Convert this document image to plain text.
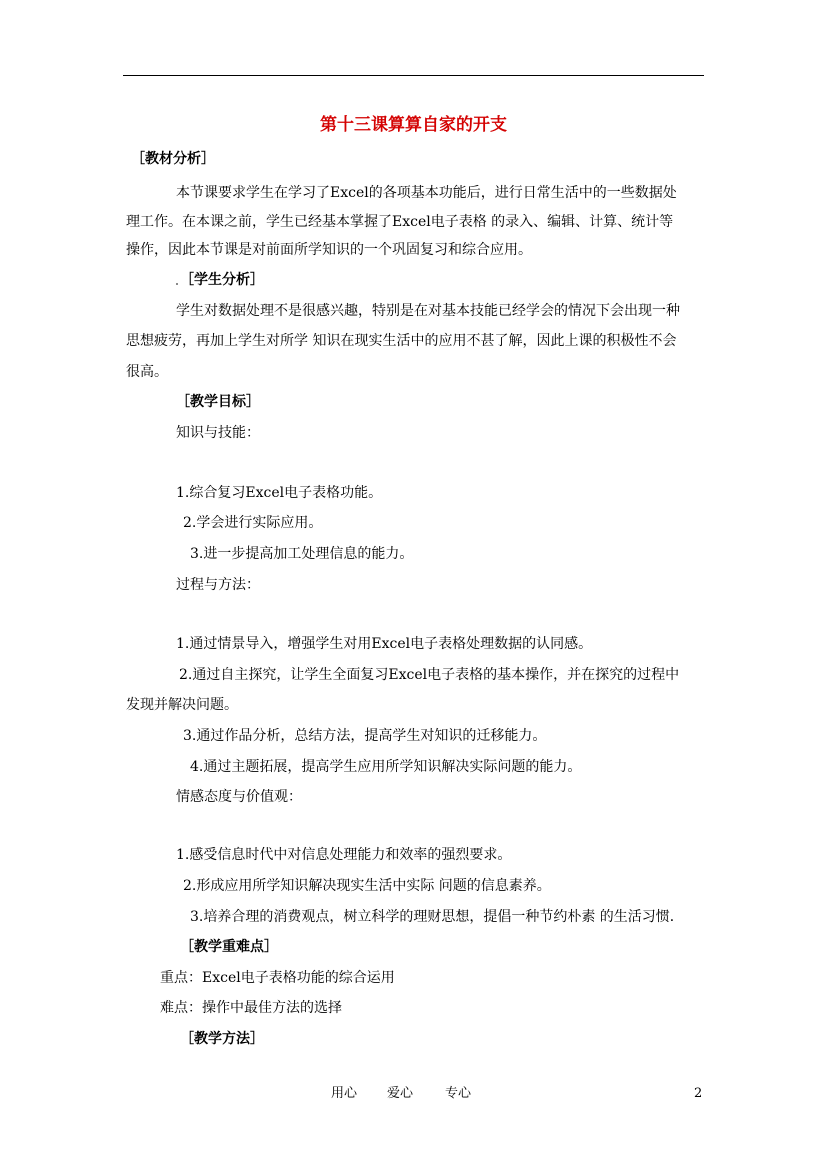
第十三课算算自家的开支
［教材分析］
本节课要求学生在学习了Excel的各项基本功能后，进行日常生活中的一些数据处
理工作。在本课之前，学生已经基本掌握了Excel电子表格 的录入、编辑、计算、统计等
操作，因此本节课是对前面所学知识的一个巩固复习和综合应用。
［学生分析］
学生对数据处理不是很感兴趣，特别是在对基本技能已经学会的情况下会出现一种
思想疲劳，再加上学生对所学 知识在现实生活中的应用不甚了解，因此上课的积极性不会
很高。
［教学目标］
知识与技能：
1.综合复习Excel电子表格功能。
2.学会进行实际应用。
3.进一步提高加工处理信息的能力。
过程与方法：
1.通过情景导入，增强学生对用Excel电子表格处理数据的认同感。
2.通过自主探究，让学生全面复习Excel电子表格的基本操作，并在探究的过程中
发现并解决问题。
3.通过作品分析，总结方法，提高学生对知识的迁移能力。
4.通过主题拓展，提高学生应用所学知识解决实际问题的能力。
情感态度与价值观：
1.感受信息时代中对信息处理能力和效率的强烈要求。
2.形成应用所学知识解决现实生活中实际 问题的信息素养。
3.培养合理的消费观点，树立科学的理财思想，提倡一种节约朴素 的生活习惯．
［教学重难点］
重点：Excel电子表格功能的综合运用
难点：操作中最佳方法的选择
［教学方法］
用心 爱心 专心	2
